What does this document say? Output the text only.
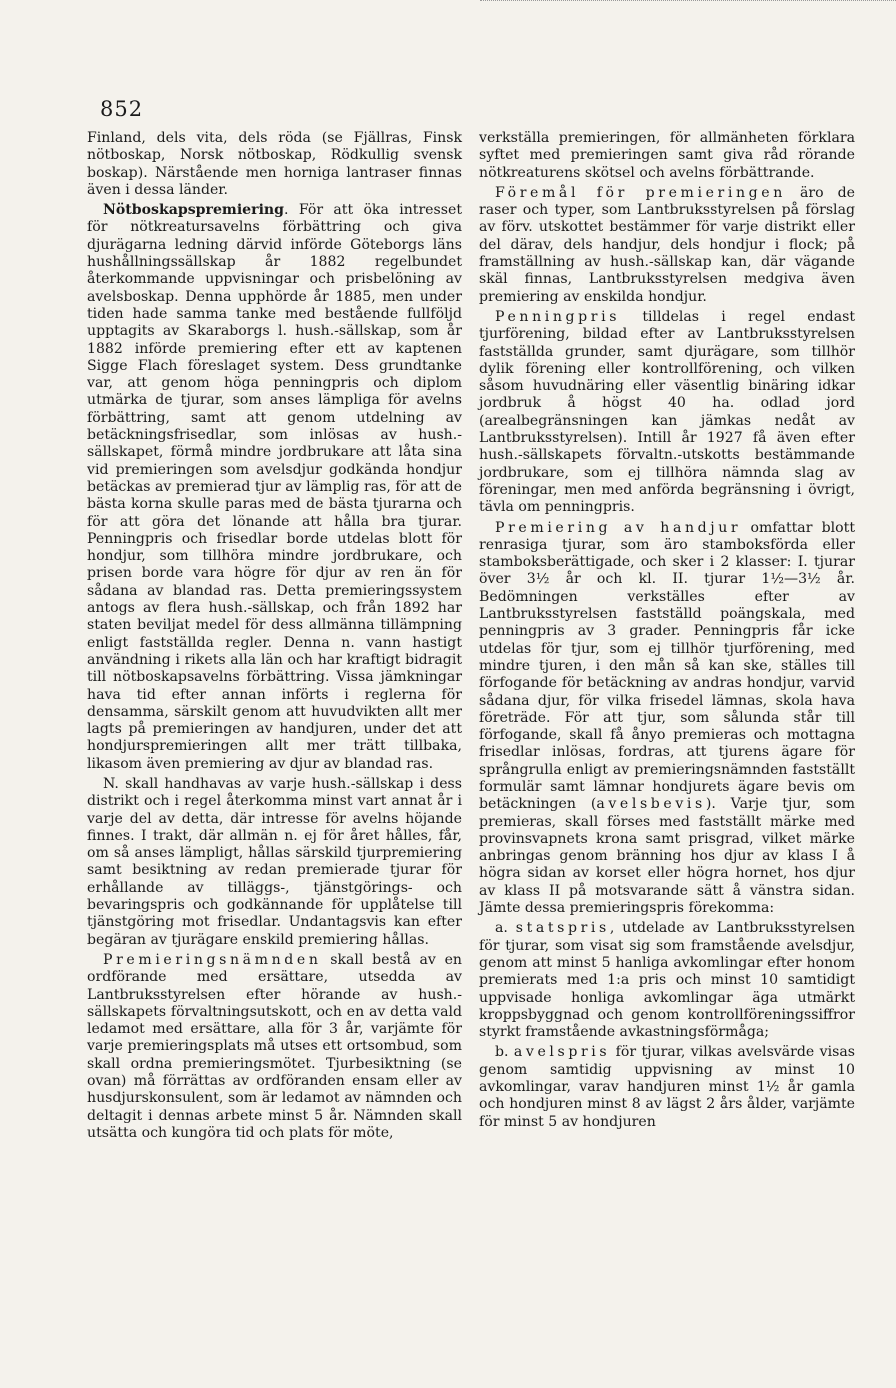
852

Finland, dels vita, dels röda (se Fjällras, Finsk nötboskap, Norsk nötboskap, Rödkullig svensk boskap). Närstående men horniga lantraser finnas även i dessa länder.

Nötboskapspremiering. För att öka intresset för nötkreatursavelns förbättring och giva djurägarna ledning därvid införde Göteborgs läns hushållningssällskap år 1882 regelbundet återkommande uppvisningar och prisbelöning av avelsboskap. Denna upphörde år 1885, men under tiden hade samma tanke med bestående fullföljd upptagits av Skaraborgs l. hush.-sällskap, som år 1882 införde premiering efter ett av kaptenen Sigge Flach föreslaget system. Dess grundtanke var, att genom höga penningpris och diplom utmärka de tjurar, som anses lämpliga för avelns förbättring, samt att genom utdelning av betäckningsfrisedlar, som inlösas av hush.-sällskapet, förmå mindre jordbrukare att låta sina vid premieringen som avelsdjur godkända hondjur betäckas av premierad tjur av lämplig ras, för att de bästa korna skulle paras med de bästa tjurarna och för att göra det lönande att hålla bra tjurar. Penningpris och frisedlar borde utdelas blott för hondjur, som tillhöra mindre jordbrukare, och prisen borde vara högre för djur av ren än för sådana av blandad ras. Detta premieringssystem antogs av flera hush.-sällskap, och från 1892 har staten beviljat medel för dess allmänna tillämpning enligt fastställda regler. Denna n. vann hastigt användning i rikets alla län och har kraftigt bidragit till nötboskapsavelns förbättring. Vissa jämkningar hava tid efter annan införts i reglerna för densamma, särskilt genom att huvudvikten allt mer lagts på premieringen av handjuren, under det att hondjurspremieringen allt mer trätt tillbaka, likasom även premiering av djur av blandad ras.

N. skall handhavas av varje hush.-sällskap i dess distrikt och i regel återkomma minst vart annat år i varje del av detta, där intresse för avelns höjande finnes. I trakt, där allmän n. ej för året hålles, får, om så anses lämpligt, hållas särskild tjurpremiering samt besiktning av redan premierade tjurar för erhållande av tilläggs-, tjänstgörings- och bevaringspris och godkännande för upplåtelse till tjänstgöring mot frisedlar. Undantagsvis kan efter begäran av tjurägare enskild premiering hållas.

Premieringsnämnden skall bestå av en ordförande med ersättare, utsedda av Lantbruksstyrelsen efter hörande av hush.-sällskapets förvaltningsutskott, och en av detta vald ledamot med ersättare, alla för 3 år, varjämte för varje premieringsplats må utses ett ortsombud, som skall ordna premieringsmötet. Tjurbesiktning (se ovan) må förrättas av ordföranden ensam eller av husdjurskonsulent, som är ledamot av nämnden och deltagit i dennas arbete minst 5 år. Nämnden skall utsätta och kungöra tid och plats för möte,

verkställa premieringen, för allmänheten förklara syftet med premieringen samt giva råd rörande nötkreaturens skötsel och avelns förbättrande.

Föremål för premieringen äro de raser och typer, som Lantbruksstyrelsen på förslag av förv. utskottet bestämmer för varje distrikt eller del därav, dels handjur, dels hondjur i flock; på framställning av hush.-sällskap kan, där vägande skäl finnas, Lantbruksstyrelsen medgiva även premiering av enskilda hondjur.

Penningpris tilldelas i regel endast tjurförening, bildad efter av Lantbruksstyrelsen fastställda grunder, samt djurägare, som tillhör dylik förening eller kontrollförening, och vilken såsom huvudnäring eller väsentlig binäring idkar jordbruk å högst 40 ha. odlad jord (arealbegränsningen kan jämkas nedåt av Lantbruksstyrelsen). Intill år 1927 få även efter hush.-sällskapets förvaltn.-utskotts bestämmande jordbrukare, som ej tillhöra nämnda slag av föreningar, men med anförda begränsning i övrigt, tävla om penningpris.

Premiering av handjur omfattar blott renrasiga tjurar, som äro stamboksförda eller stamboksberättigade, och sker i 2 klasser: I. tjurar över 3½ år och kl. II. tjurar 1½—3½ år. Bedömningen verkställes efter av Lantbruksstyrelsen fastställd poängskala, med penningpris av 3 grader. Penningpris får icke utdelas för tjur, som ej tillhör tjurförening, med mindre tjuren, i den mån så kan ske, ställes till förfogande för betäckning av andras hondjur, varvid sådana djur, för vilka frisedel lämnas, skola hava företräde. För att tjur, som sålunda står till förfogande, skall få ånyo premieras och mottagna frisedlar inlösas, fordras, att tjurens ägare för språngrulla enligt av premieringsnämnden fastställt formulär samt lämnar hondjurets ägare bevis om betäckningen (avelsbevis). Varje tjur, som premieras, skall förses med fastställt märke med provinsvapnets krona samt prisgrad, vilket märke anbringas genom bränning hos djur av klass I å högra sidan av korset eller högra hornet, hos djur av klass II på motsvarande sätt å vänstra sidan. Jämte dessa premieringspris förekomma:

a. statspris, utdelade av Lantbruksstyrelsen för tjurar, som visat sig som framstående avelsdjur, genom att minst 5 hanliga avkomlingar efter honom premierats med 1:a pris och minst 10 samtidigt uppvisade honliga avkomlingar äga utmärkt kroppsbyggnad och genom kontrollföreningssiffror styrkt framstående avkastningsförmåga;

b. avelspris för tjurar, vilkas avelsvärde visas genom samtidig uppvisning av minst 10 avkomlingar, varav handjuren minst 1½ år gamla och hondjuren minst 8 av lägst 2 års ålder, varjämte för minst 5 av hondjuren
